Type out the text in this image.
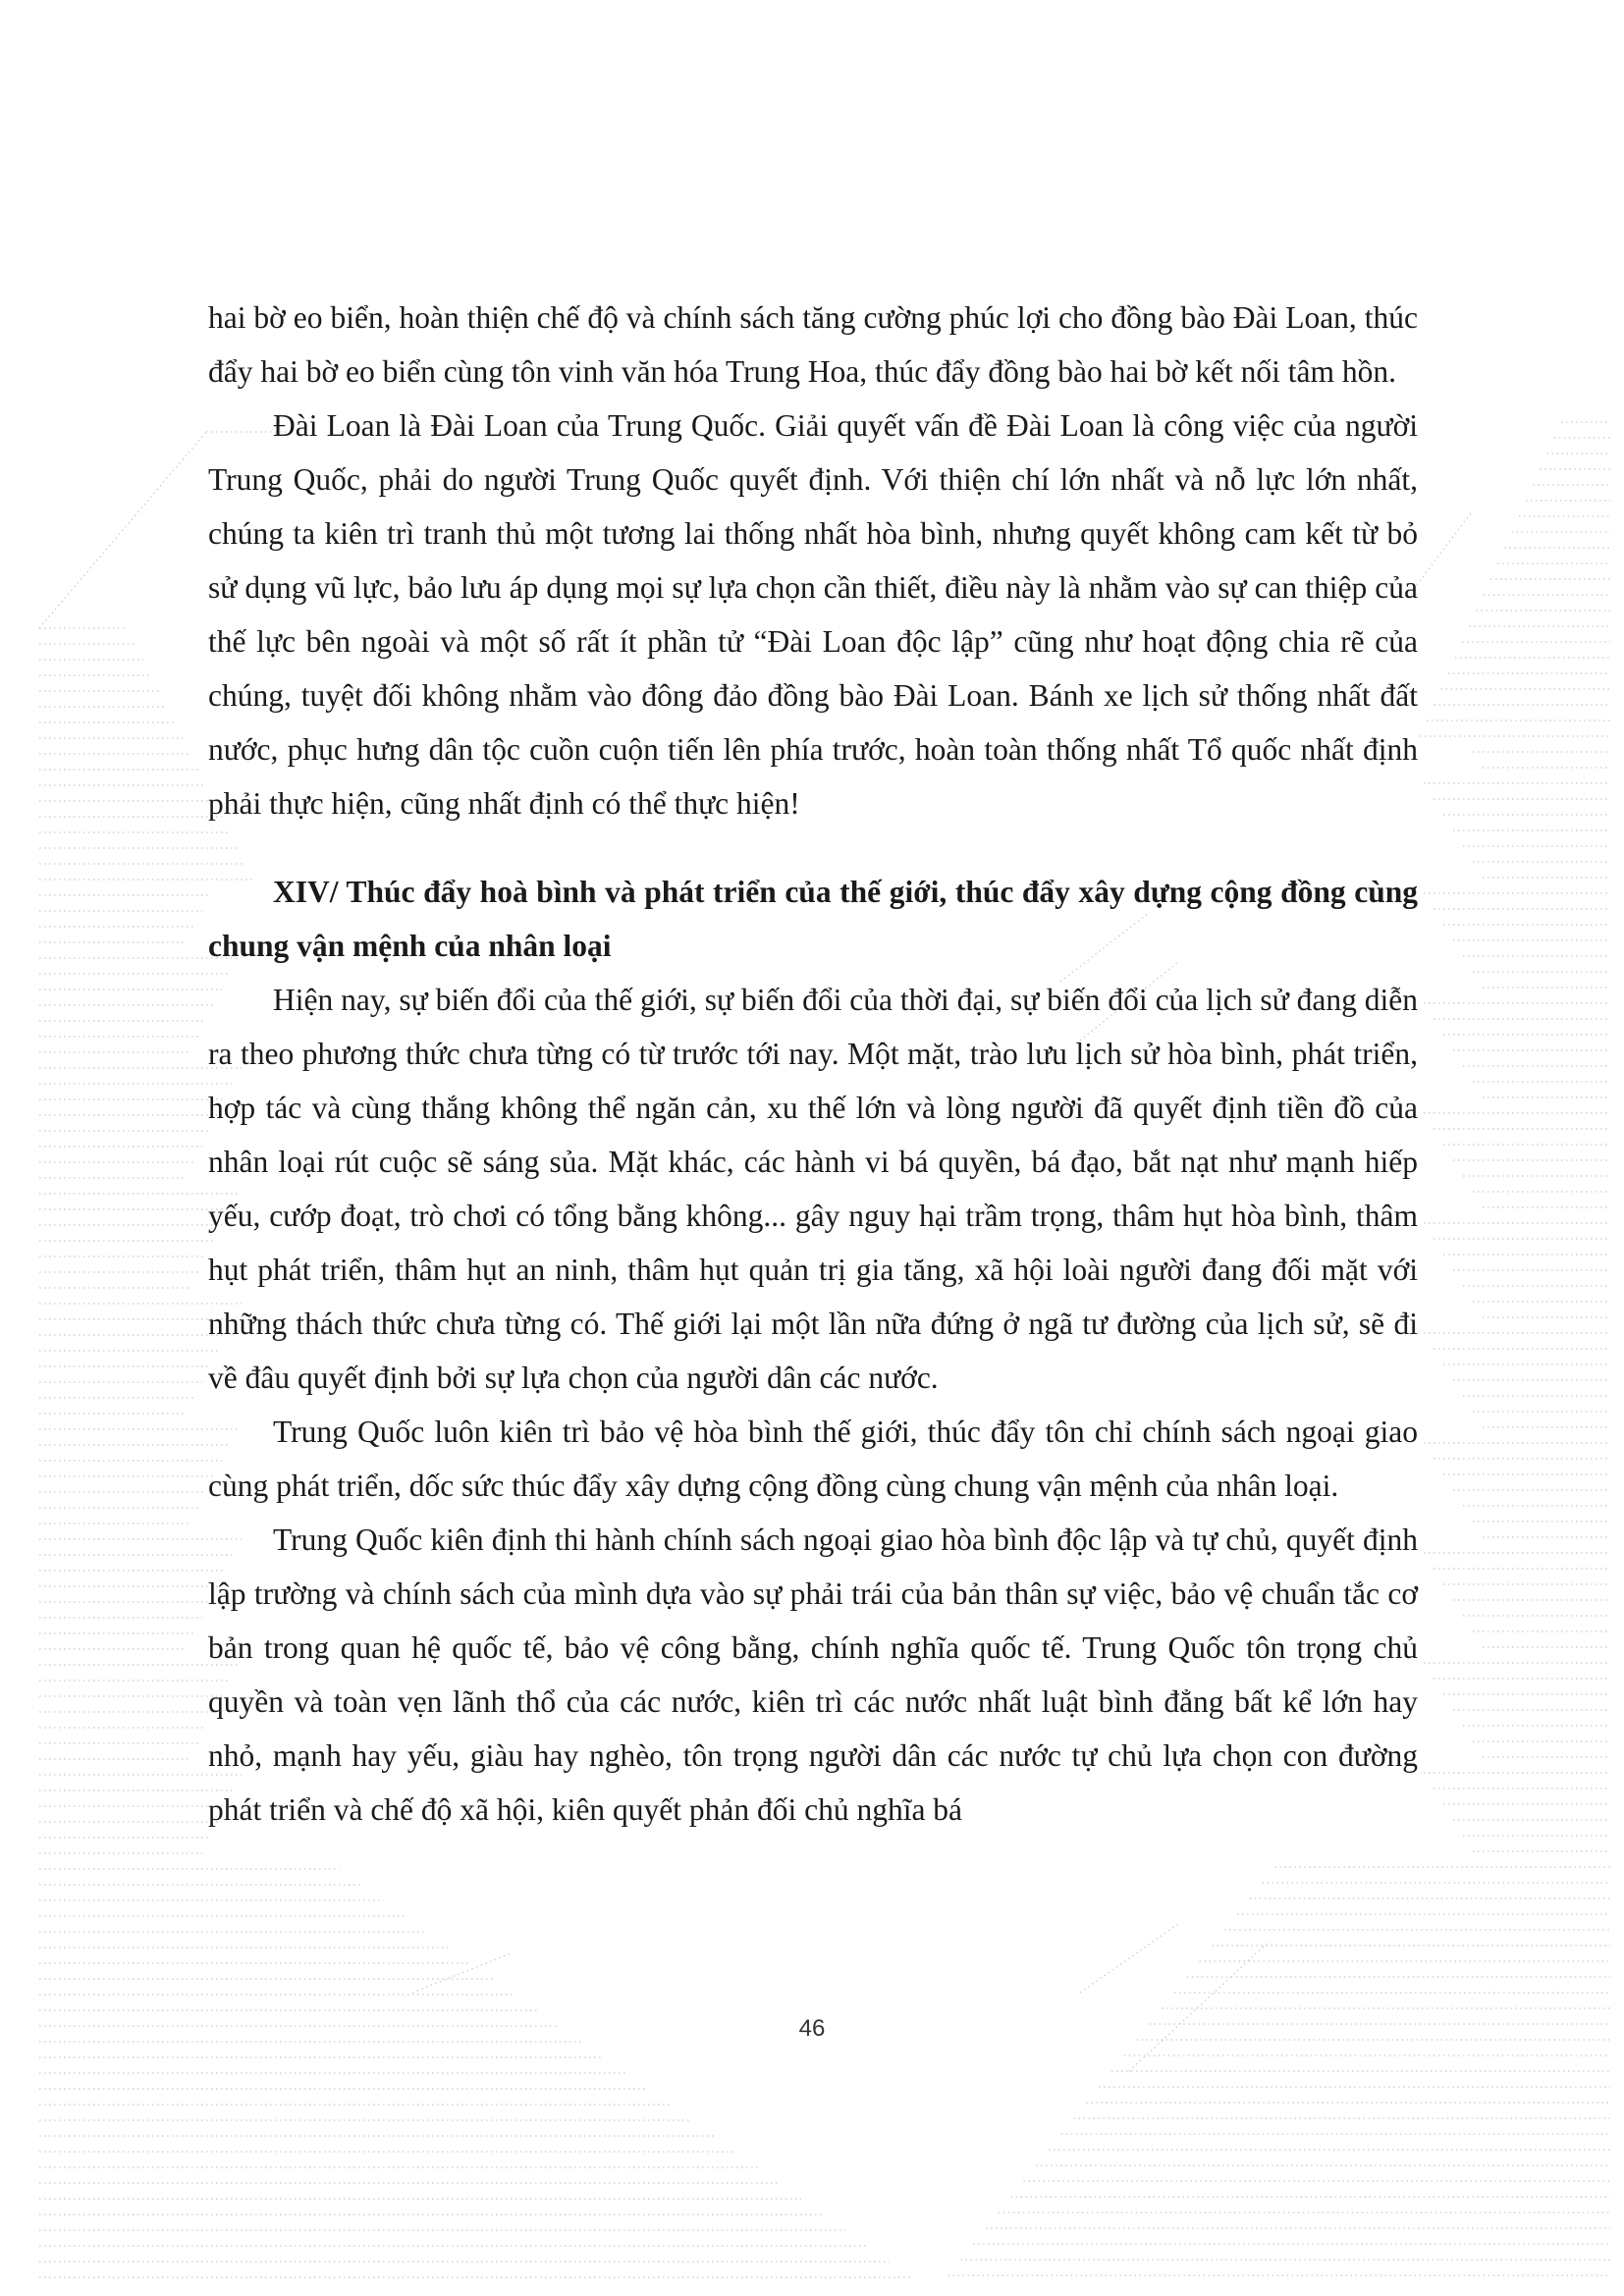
hai bờ eo biển, hoàn thiện chế độ và chính sách tăng cường phúc lợi cho đồng bào Đài Loan, thúc đẩy hai bờ eo biển cùng tôn vinh văn hóa Trung Hoa, thúc đẩy đồng bào hai bờ kết nối tâm hồn.

Đài Loan là Đài Loan của Trung Quốc. Giải quyết vấn đề Đài Loan là công việc của người Trung Quốc, phải do người Trung Quốc quyết định. Với thiện chí lớn nhất và nỗ lực lớn nhất, chúng ta kiên trì tranh thủ một tương lai thống nhất hòa bình, nhưng quyết không cam kết từ bỏ sử dụng vũ lực, bảo lưu áp dụng mọi sự lựa chọn cần thiết, điều này là nhằm vào sự can thiệp của thế lực bên ngoài và một số rất ít phần tử “Đài Loan độc lập” cũng như hoạt động chia rẽ của chúng, tuyệt đối không nhằm vào đông đảo đồng bào Đài Loan. Bánh xe lịch sử thống nhất đất nước, phục hưng dân tộc cuồn cuộn tiến lên phía trước, hoàn toàn thống nhất Tổ quốc nhất định phải thực hiện, cũng nhất định có thể thực hiện!

XIV/ Thúc đẩy hoà bình và phát triển của thế giới, thúc đẩy xây dựng cộng đồng cùng chung vận mệnh của nhân loại

Hiện nay, sự biến đổi của thế giới, sự biến đổi của thời đại, sự biến đổi của lịch sử đang diễn ra theo phương thức chưa từng có từ trước tới nay. Một mặt, trào lưu lịch sử hòa bình, phát triển, hợp tác và cùng thắng không thể ngăn cản, xu thế lớn và lòng người đã quyết định tiền đồ của nhân loại rút cuộc sẽ sáng sủa. Mặt khác, các hành vi bá quyền, bá đạo, bắt nạt như mạnh hiếp yếu, cướp đoạt, trò chơi có tổng bằng không... gây nguy hại trầm trọng, thâm hụt hòa bình, thâm hụt phát triển, thâm hụt an ninh, thâm hụt quản trị gia tăng, xã hội loài người đang đối mặt với những thách thức chưa từng có. Thế giới lại một lần nữa đứng ở ngã tư đường của lịch sử, sẽ đi về đâu quyết định bởi sự lựa chọn của người dân các nước.

Trung Quốc luôn kiên trì bảo vệ hòa bình thế giới, thúc đẩy tôn chỉ chính sách ngoại giao cùng phát triển, dốc sức thúc đẩy xây dựng cộng đồng cùng chung vận mệnh của nhân loại.

Trung Quốc kiên định thi hành chính sách ngoại giao hòa bình độc lập và tự chủ, quyết định lập trường và chính sách của mình dựa vào sự phải trái của bản thân sự việc, bảo vệ chuẩn tắc cơ bản trong quan hệ quốc tế, bảo vệ công bằng, chính nghĩa quốc tế. Trung Quốc tôn trọng chủ quyền và toàn vẹn lãnh thổ của các nước, kiên trì các nước nhất luật bình đẳng bất kể lớn hay nhỏ, mạnh hay yếu, giàu hay nghèo, tôn trọng người dân các nước tự chủ lựa chọn con đường phát triển và chế độ xã hội, kiên quyết phản đối chủ nghĩa bá

46
